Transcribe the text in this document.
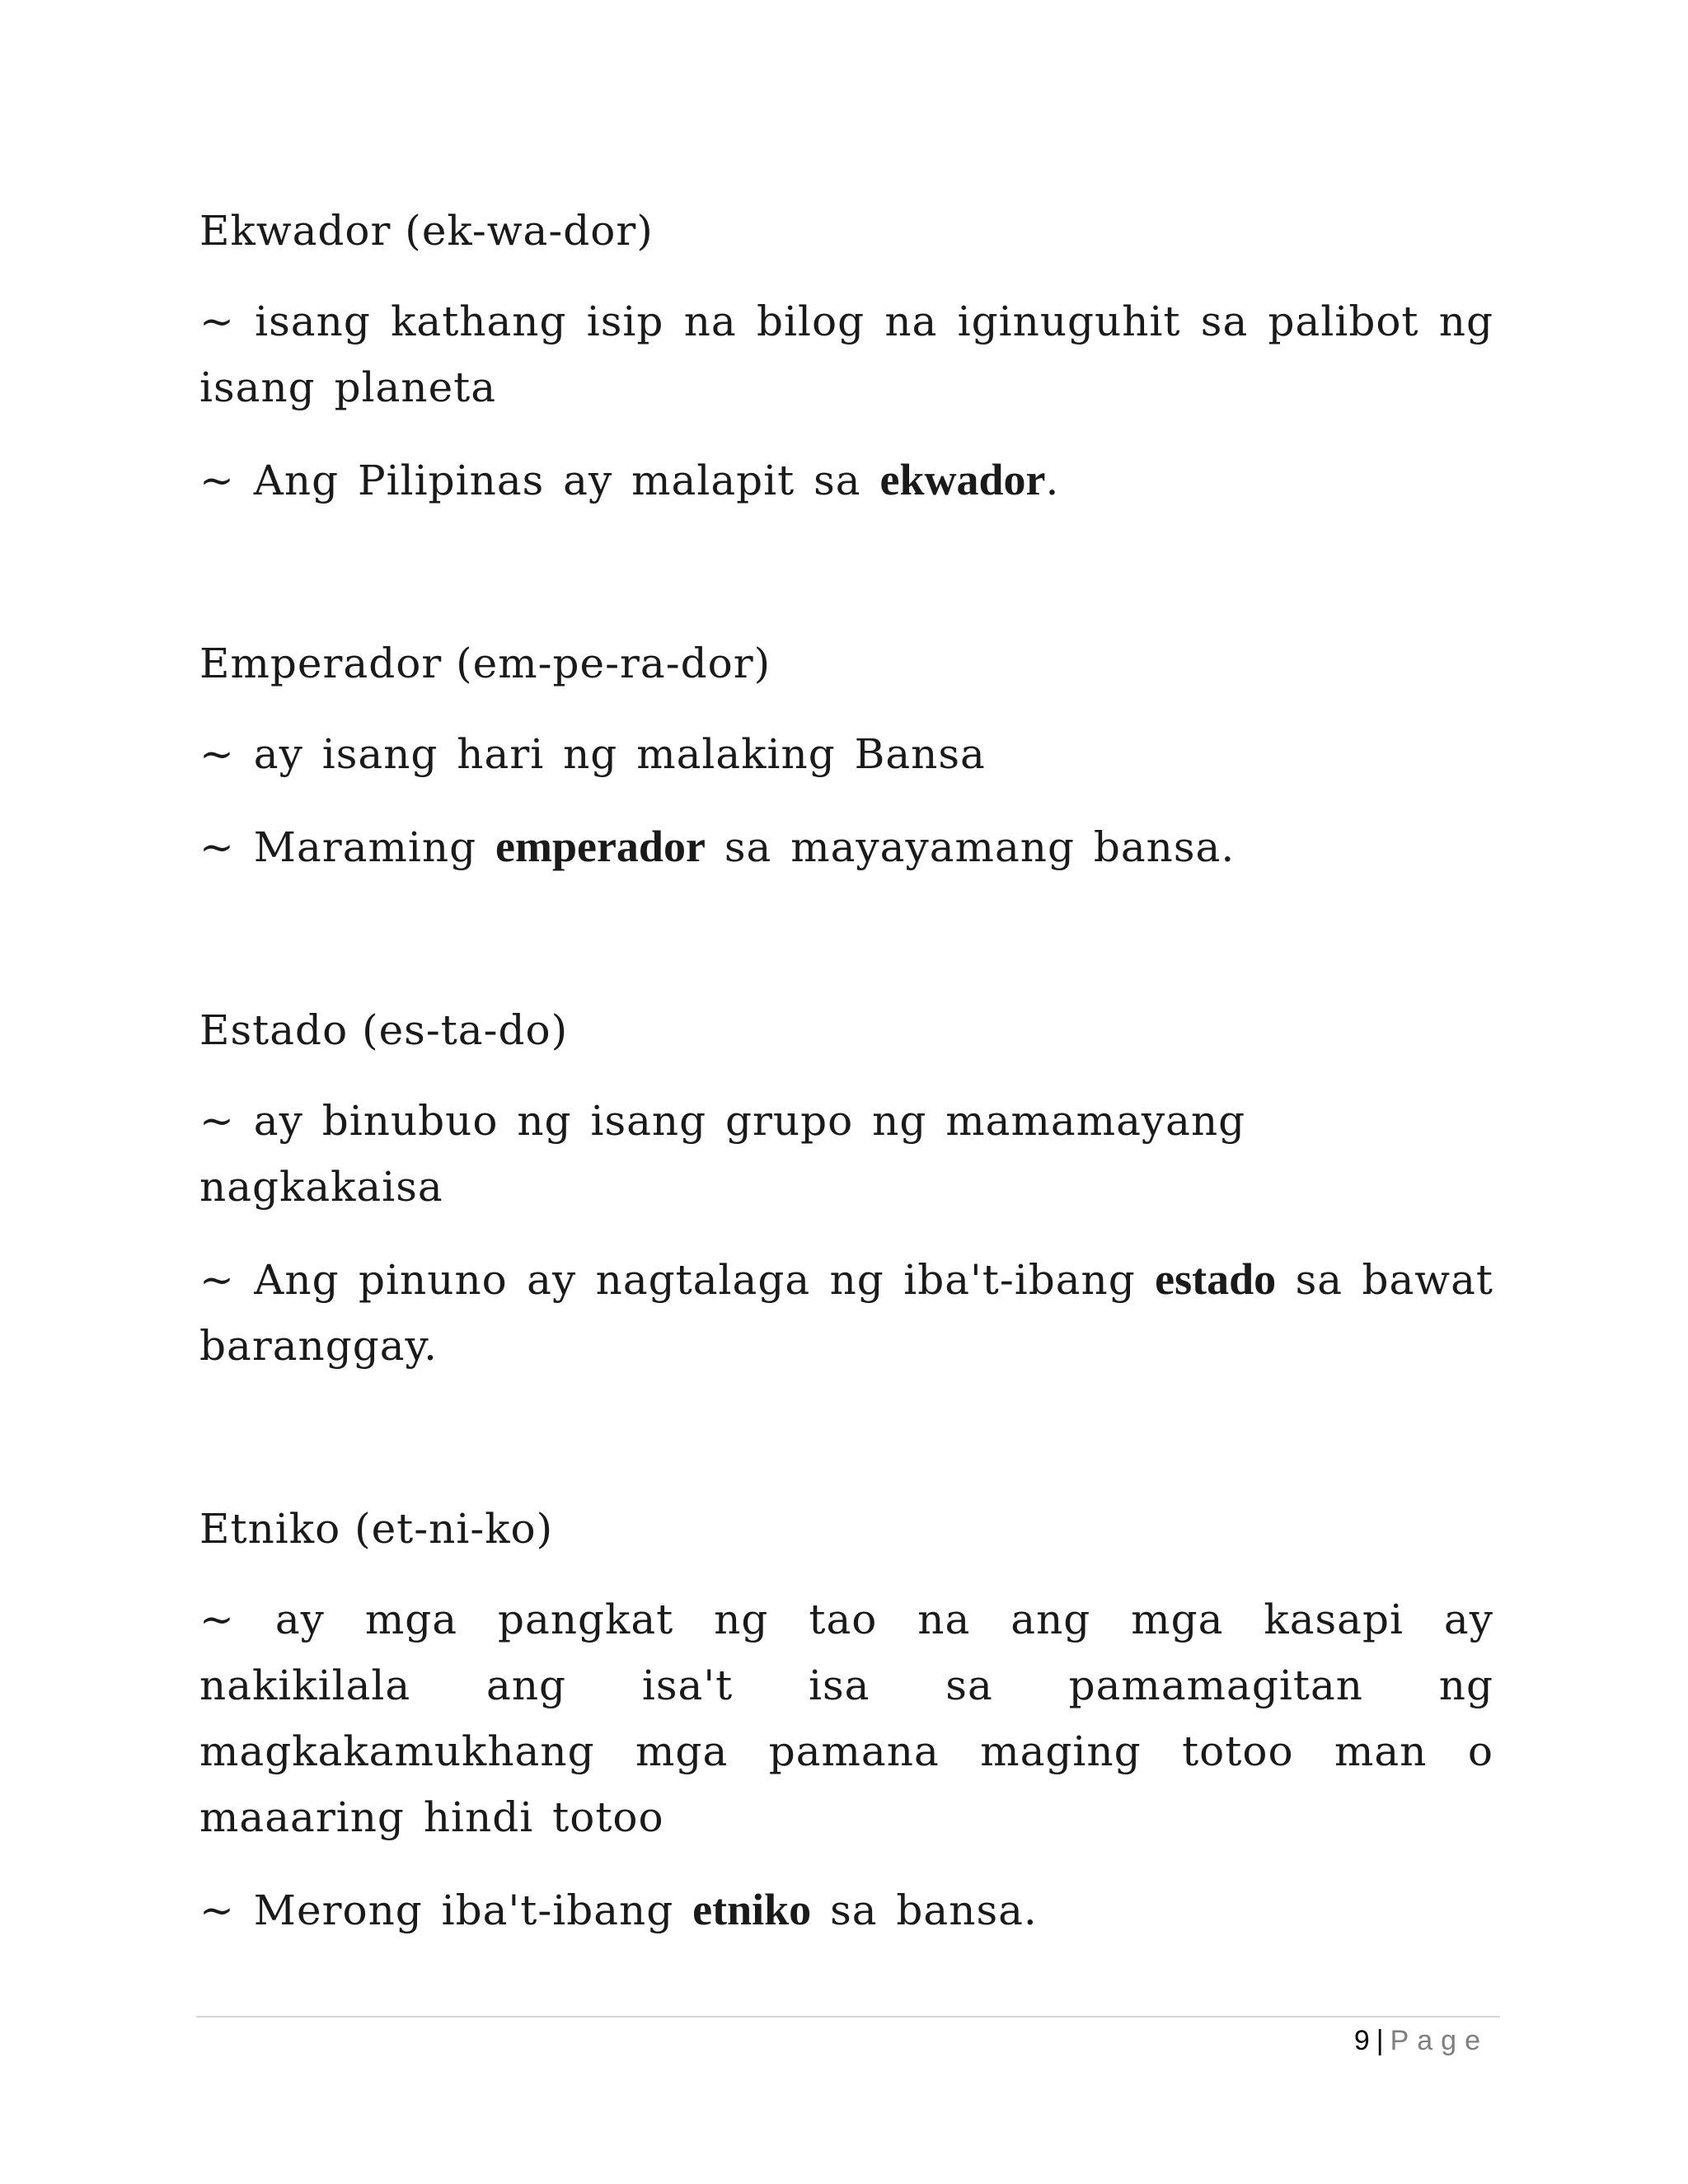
Ekwador (ek-wa-dor)

~ isang kathang isip na bilog na iginuguhit sa palibot ng isang planeta

~ Ang Pilipinas ay malapit sa ekwador.

Emperador (em-pe-ra-dor)

~ ay isang hari ng malaking Bansa

~ Maraming emperador sa mayayamang bansa.

Estado (es-ta-do)

~ ay binubuo ng isang grupo ng mamamayang nagkakaisa

~ Ang pinuno ay nagtalaga ng iba't-ibang estado sa bawat baranggay.

Etniko (et-ni-ko)

~ ay mga pangkat ng tao na ang mga kasapi ay nakikilala ang isa't isa sa pamamagitan ng magkakamukhang mga pamana maging totoo man o maaaring hindi totoo

~ Merong iba't-ibang etniko sa bansa.

9 | Page
